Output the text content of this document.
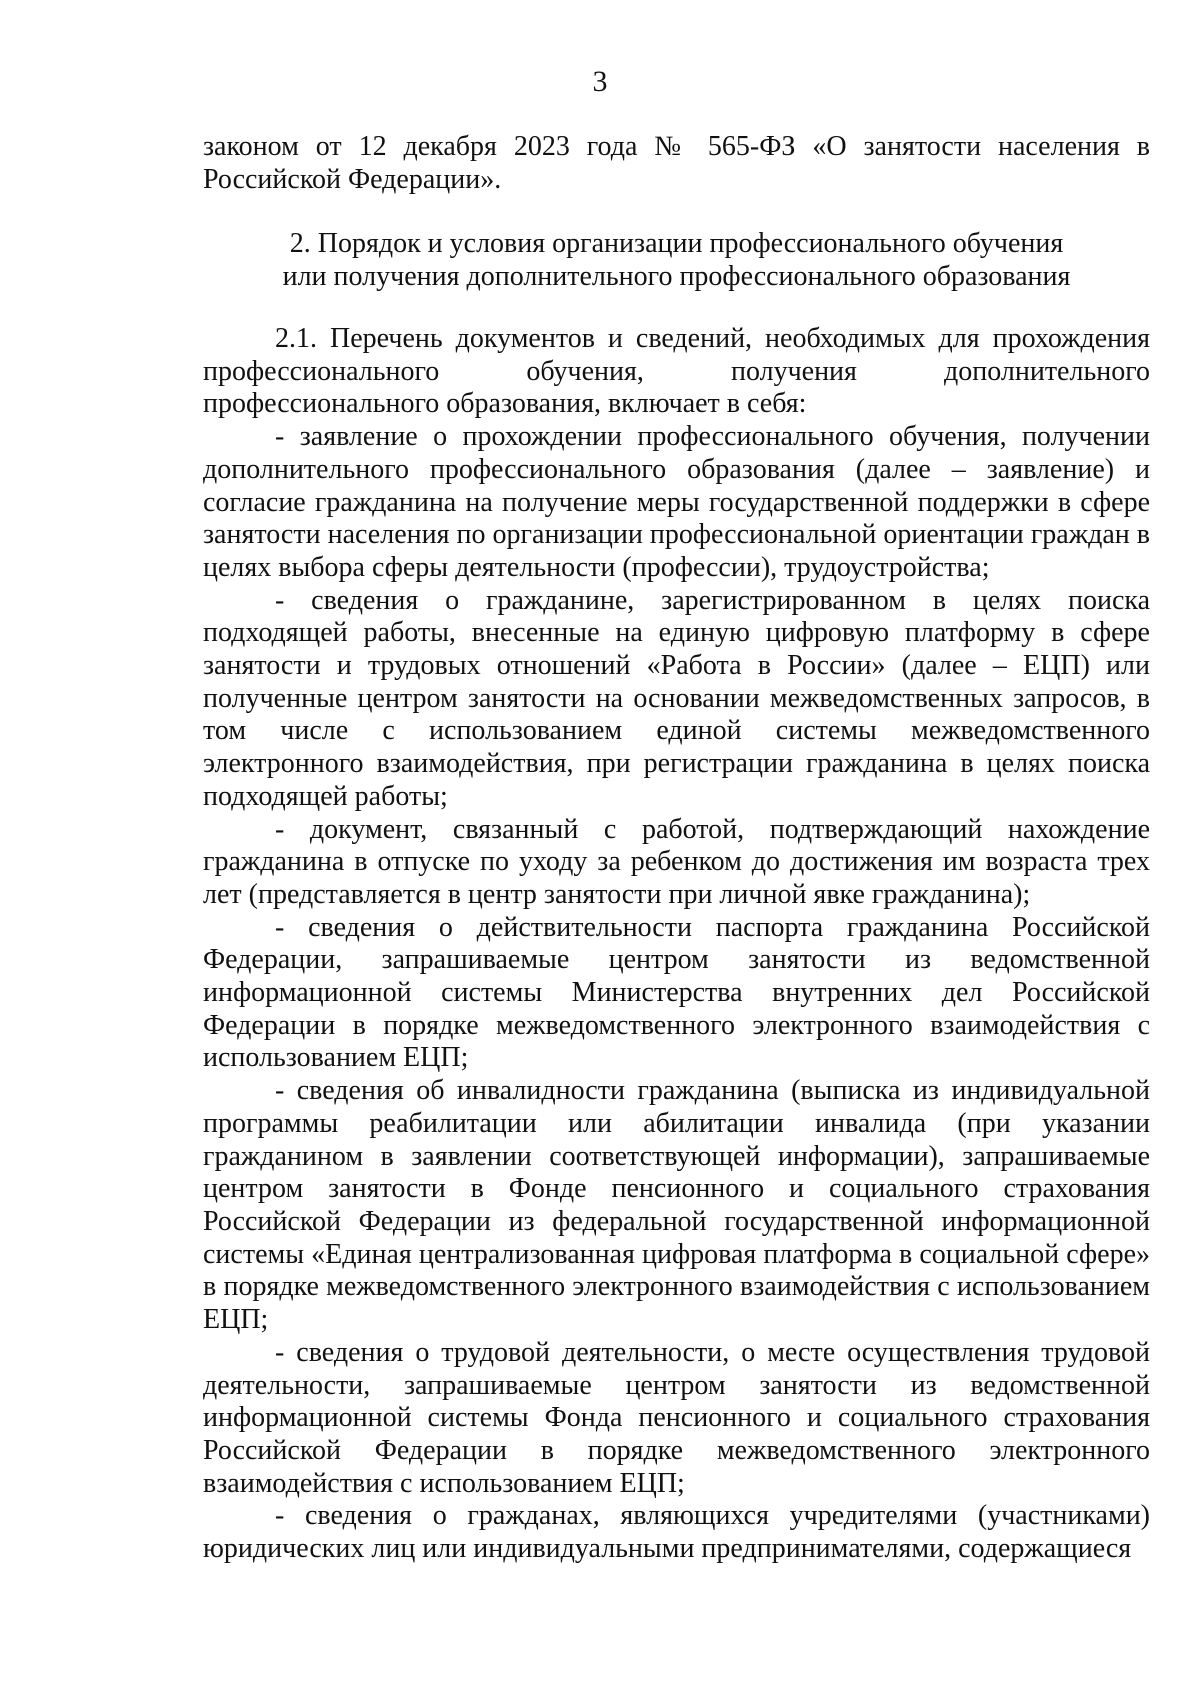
3

законом от 12 декабря 2023 года № 565-ФЗ «О занятости населения в Российской Федерации».

2. Порядок и условия организации профессионального обучения
или получения дополнительного профессионального образования

2.1. Перечень документов и сведений, необходимых для прохождения профессионального обучения, получения дополнительного профессионального образования, включает в себя:

- заявление о прохождении профессионального обучения, получении дополнительного профессионального образования (далее – заявление) и согласие гражданина на получение меры государственной поддержки в сфере занятости населения по организации профессиональной ориентации граждан в целях выбора сферы деятельности (профессии), трудоустройства;

- сведения о гражданине, зарегистрированном в целях поиска подходящей работы, внесенные на единую цифровую платформу в сфере занятости и трудовых отношений «Работа в России» (далее – ЕЦП) или полученные центром занятости на основании межведомственных запросов, в том числе с использованием единой системы межведомственного электронного взаимодействия, при регистрации гражданина в целях поиска подходящей работы;

- документ, связанный с работой, подтверждающий нахождение гражданина в отпуске по уходу за ребенком до достижения им возраста трех лет (представляется в центр занятости при личной явке гражданина);

- сведения о действительности паспорта гражданина Российской Федерации, запрашиваемые центром занятости из ведомственной информационной системы Министерства внутренних дел Российской Федерации в порядке межведомственного электронного взаимодействия с использованием ЕЦП;

- сведения об инвалидности гражданина (выписка из индивидуальной программы реабилитации или абилитации инвалида (при указании гражданином в заявлении соответствующей информации), запрашиваемые центром занятости в Фонде пенсионного и социального страхования Российской Федерации из федеральной государственной информационной системы «Единая централизованная цифровая платформа в социальной сфере» в порядке межведомственного электронного взаимодействия с использованием ЕЦП;

- сведения о трудовой деятельности, о месте осуществления трудовой деятельности, запрашиваемые центром занятости из ведомственной информационной системы Фонда пенсионного и социального страхования Российской Федерации в порядке межведомственного электронного взаимодействия с использованием ЕЦП;

- сведения о гражданах, являющихся учредителями (участниками) юридических лиц или индивидуальными предпринимателями, содержащиеся
